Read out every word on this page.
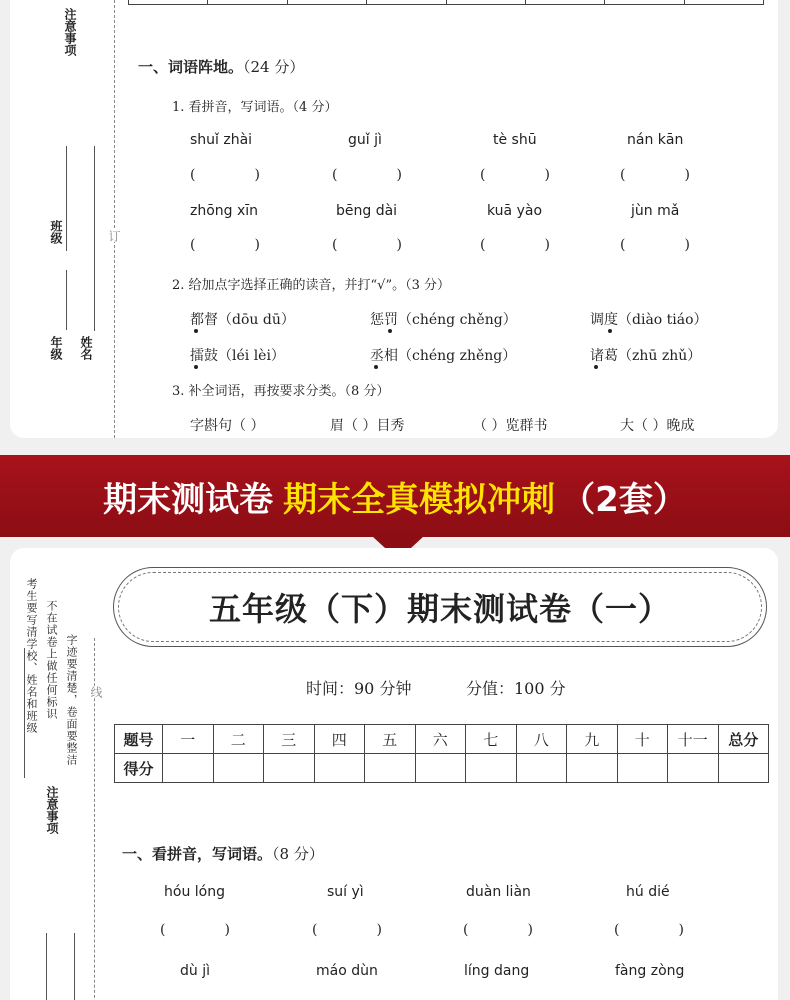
注意事项
班级
年级 姓名
订
一、词语阵地。（24 分）
1. 看拼音，写词语。（4 分）
shuǐ zhài	guǐ jì	tè shū	nán kān
(	)	(	)	(	)	(	)
zhōng xīn	bēng dài	kuā yào	jùn mǎ
(	)	(	)	(	)	(	)
2. 给加点字选择正确的读音，并打“√”。（3 分）
都督（dōu dū）	惩罚（chéng chěng）	调度（diào tiáo）
擂鼓（léi lèi）	丞相（chéng zhěng）	诸葛（zhū zhǔ）
3. 补全词语，再按要求分类。（8 分）
字斟句（ ）	眉（ ）目秀	（ ）览群书	大（ ）晚成
期末测试卷 期末全真模拟冲刺 （2套）
考生要写清学校、姓名和班级 不在试卷上做任何标识 字迹要清楚，卷面要整洁
注意事项
线
五年级（下）期末测试卷（一）
时间：90 分钟	分值：100 分
题号	一	二	三	四	五	六	七	八	九	十	十一	总分
得分												
一、看拼音，写词语。（8 分）
hóu lóng	suí yì	duàn liàn	hú dié
(	)	(	)	(	)	(	)
dù jì	máo dùn	líng dang	fàng zòng
